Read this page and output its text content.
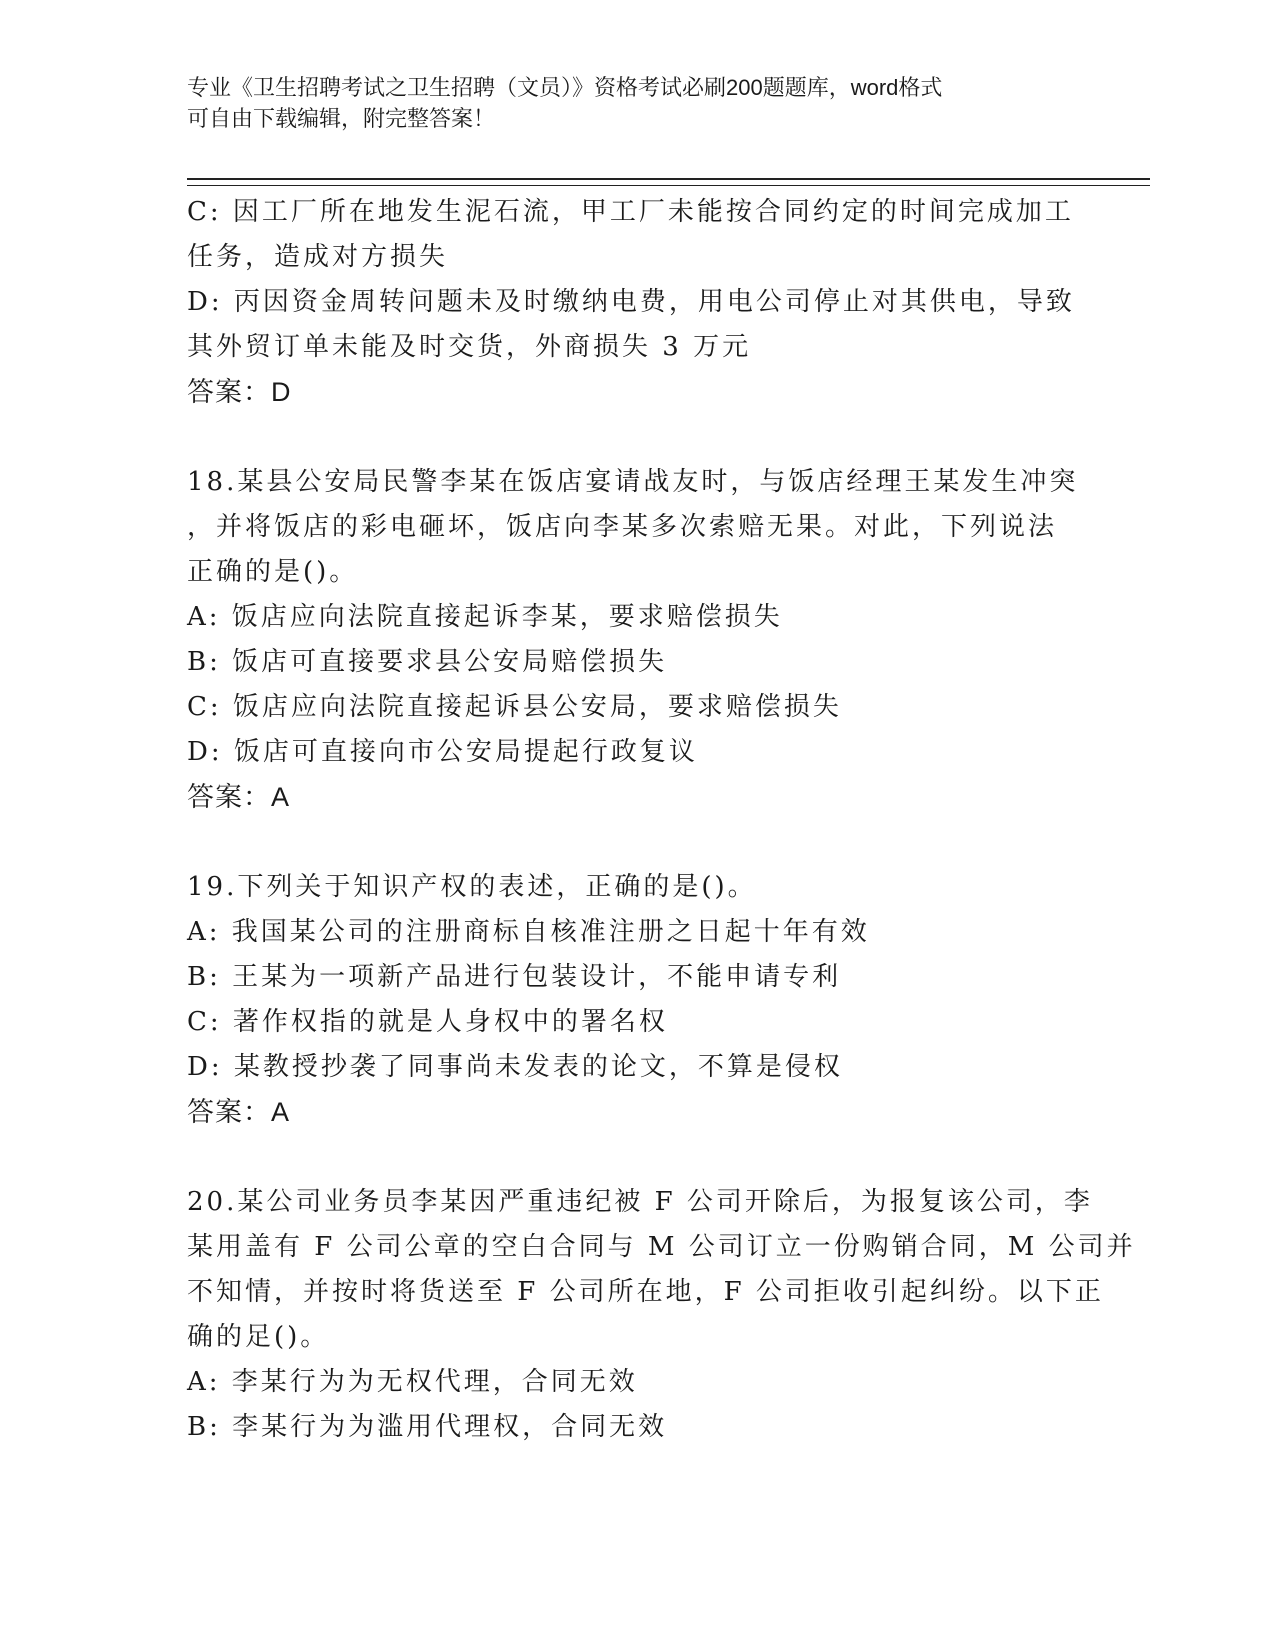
专业《卫生招聘考试之卫生招聘（文员）》资格考试必刷200题题库，word格式
可自由下载编辑，附完整答案！
C: 因工厂所在地发生泥石流，甲工厂未能按合同约定的时间完成加工
任务，造成对方损失
D: 丙因资金周转问题未及时缴纳电费，用电公司停止对其供电，导致
其外贸订单未能及时交货，外商损失 3 万元
答案：D
18.某县公安局民警李某在饭店宴请战友时，与饭店经理王某发生冲突
，并将饭店的彩电砸坏，饭店向李某多次索赔无果。对此，下列说法
正确的是()。
A: 饭店应向法院直接起诉李某，要求赔偿损失
B: 饭店可直接要求县公安局赔偿损失
C: 饭店应向法院直接起诉县公安局，要求赔偿损失
D: 饭店可直接向市公安局提起行政复议
答案：A
19.下列关于知识产权的表述，正确的是()。
A: 我国某公司的注册商标自核准注册之日起十年有效
B: 王某为一项新产品进行包装设计，不能申请专利
C: 著作权指的就是人身权中的署名权
D: 某教授抄袭了同事尚未发表的论文，不算是侵权
答案：A
20.某公司业务员李某因严重违纪被 F 公司开除后，为报复该公司，李
某用盖有 F 公司公章的空白合同与 M 公司订立一份购销合同，M 公司并
不知情，并按时将货送至 F 公司所在地，F 公司拒收引起纠纷。以下正
确的足()。
A: 李某行为为无权代理，合同无效
B: 李某行为为滥用代理权，合同无效
